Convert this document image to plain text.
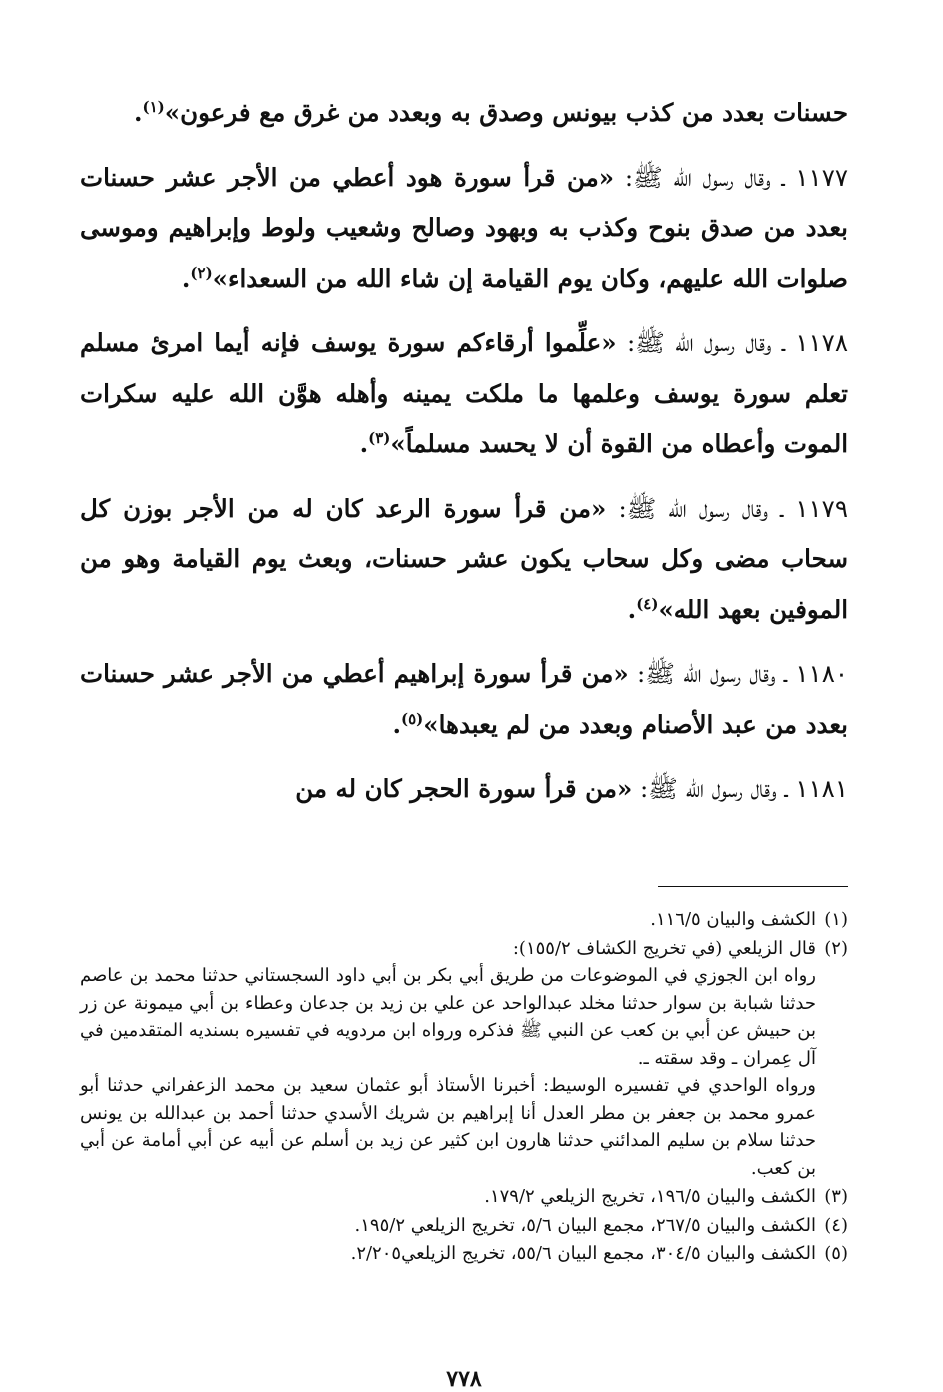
حسنات بعدد من كذب بيونس وصدق به وبعدد من غرق مع فرعون»$^{(١)}$.

١١٧٧ ـ وقال رسول اللّه ﷺ: «من قرأ سورة هود أعطي من الأجر عشر حسنات بعدد من صدق بنوح وكذب به وبهود وصالح وشعيب ولوط وإبراهيم وموسى صلوات الله عليهم، وكان يوم القيامة إن شاء الله من السعداء»$^{(٢)}$.

١١٧٨ ـ وقال رسول اللّه ﷺ: «علِّموا أرقاءكم سورة يوسف فإنه أيما امرئ مسلم تعلم سورة يوسف وعلمها ما ملكت يمينه وأهله هوَّن الله عليه سكرات الموت وأعطاه من القوة أن لا يحسد مسلماً»$^{(٣)}$.

١١٧٩ ـ وقال رسول اللّه ﷺ: «من قرأ سورة الرعد كان له من الأجر بوزن كل سحاب مضى وكل سحاب يكون عشر حسنات، وبعث يوم القيامة وهو من الموفين بعهد الله»$^{(٤)}$.

١١٨٠ ـ وقال رسول اللّه ﷺ: «من قرأ سورة إبراهيم أعطي من الأجر عشر حسنات بعدد من عبد الأصنام وبعدد من لم يعبدها»$^{(٥)}$.

١١٨١ ـ وقال رسول اللّه ﷺ: «من قرأ سورة الحجر كان له من

(١)
الكشف والبيان ١١٦/٥.
(٢)
قال الزيلعي (في تخريج الكشاف ١٥٥/٢):
رواه ابن الجوزي في الموضوعات من طريق أبي بكر بن أبي داود السجستاني حدثنا محمد بن عاصم حدثنا شبابة بن سوار حدثنا مخلد عبدالواحد عن علي بن زيد بن جدعان وعطاء بن أبي ميمونة عن زر بن حبيش عن أبي بن كعب عن النبي ﷺ فذكره ورواه ابن مردويه في تفسيره بسنديه المتقدمين في آل عِمران ـ وقد سقته ـ.
ورواه الواحدي في تفسيره الوسيط: أخبرنا الأستاذ أبو عثمان سعيد بن محمد الزعفراني حدثنا أبو عمرو محمد بن جعفر بن مطر العدل أنا إبراهيم بن شريك الأسدي حدثنا أحمد بن عبدالله بن يونس حدثنا سلام بن سليم المدائني حدثنا هارون ابن كثير عن زيد بن أسلم عن أبيه عن أبي أمامة عن أبي بن كعب.
(٣)
الكشف والبيان ١٩٦/٥، تخريج الزيلعي ١٧٩/٢.
(٤)
الكشف والبيان ٢٦٧/٥، مجمع البيان ٥/٦، تخريج الزيلعي ١٩٥/٢.
(٥)
الكشف والبيان ٣٠٤/٥، مجمع البيان ٥٥/٦، تخريج الزيلعي٢/٢٠٥.
٧٧٨
